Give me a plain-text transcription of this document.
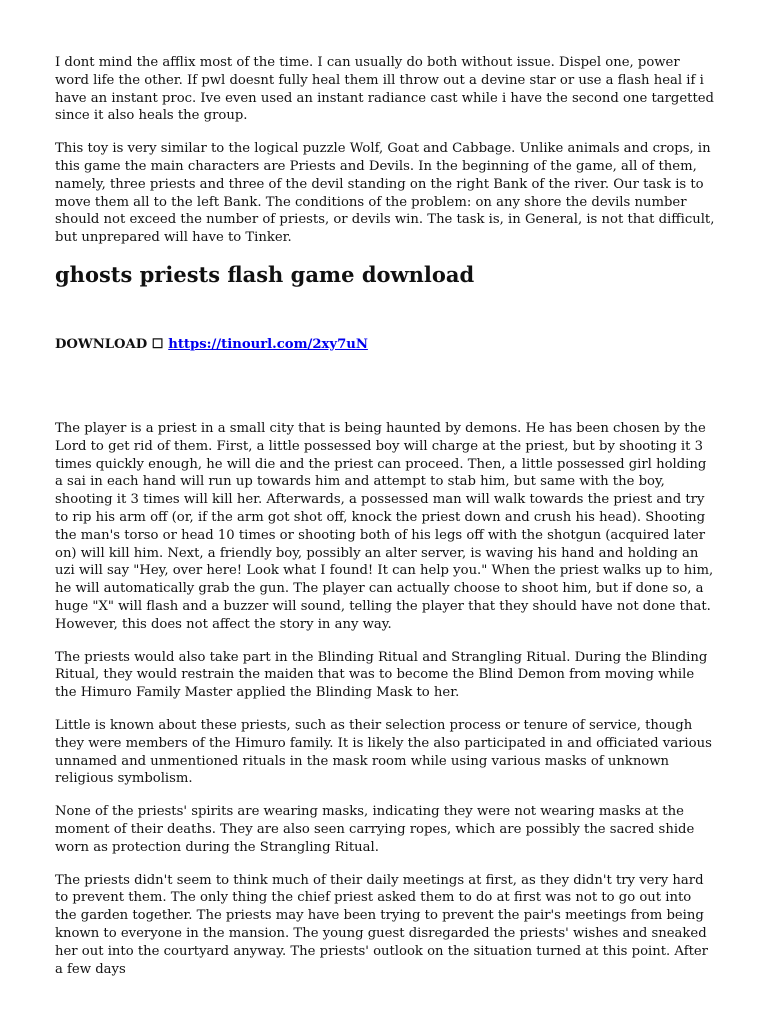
I dont mind the afflix most of the time. I can usually do both without issue. Dispel one, power word life the other. If pwl doesnt fully heal them ill throw out a devine star or use a flash heal if i have an instant proc. Ive even used an instant radiance cast while i have the second one targetted since it also heals the group.

This toy is very similar to the logical puzzle Wolf, Goat and Cabbage. Unlike animals and crops, in this game the main characters are Priests and Devils. In the beginning of the game, all of them, namely, three priests and three of the devil standing on the right Bank of the river. Our task is to move them all to the left Bank. The conditions of the problem: on any shore the devils number should not exceed the number of priests, or devils win. The task is, in General, is not that difficult, but unprepared will have to Tinker.

ghosts priests flash game download
DOWNLOAD ☐ https://tinourl.com/2xy7uN

The player is a priest in a small city that is being haunted by demons. He has been chosen by the Lord to get rid of them. First, a little possessed boy will charge at the priest, but by shooting it 3 times quickly enough, he will die and the priest can proceed. Then, a little possessed girl holding a sai in each hand will run up towards him and attempt to stab him, but same with the boy, shooting it 3 times will kill her. Afterwards, a possessed man will walk towards the priest and try to rip his arm off (or, if the arm got shot off, knock the priest down and crush his head). Shooting the man's torso or head 10 times or shooting both of his legs off with the shotgun (acquired later on) will kill him. Next, a friendly boy, possibly an alter server, is waving his hand and holding an uzi will say "Hey, over here! Look what I found! It can help you." When the priest walks up to him, he will automatically grab the gun. The player can actually choose to shoot him, but if done so, a huge "X" will flash and a buzzer will sound, telling the player that they should have not done that. However, this does not affect the story in any way.

The priests would also take part in the Blinding Ritual and Strangling Ritual. During the Blinding Ritual, they would restrain the maiden that was to become the Blind Demon from moving while the Himuro Family Master applied the Blinding Mask to her.

Little is known about these priests, such as their selection process or tenure of service, though they were members of the Himuro family. It is likely the also participated in and officiated various unnamed and unmentioned rituals in the mask room while using various masks of unknown religious symbolism.

None of the priests' spirits are wearing masks, indicating they were not wearing masks at the moment of their deaths. They are also seen carrying ropes, which are possibly the sacred shide worn as protection during the Strangling Ritual.

The priests didn't seem to think much of their daily meetings at first, as they didn't try very hard to prevent them. The only thing the chief priest asked them to do at first was not to go out into the garden together. The priests may have been trying to prevent the pair's meetings from being known to everyone in the mansion. The young guest disregarded the priests' wishes and sneaked her out into the courtyard anyway. The priests' outlook on the situation turned at this point. After a few days
